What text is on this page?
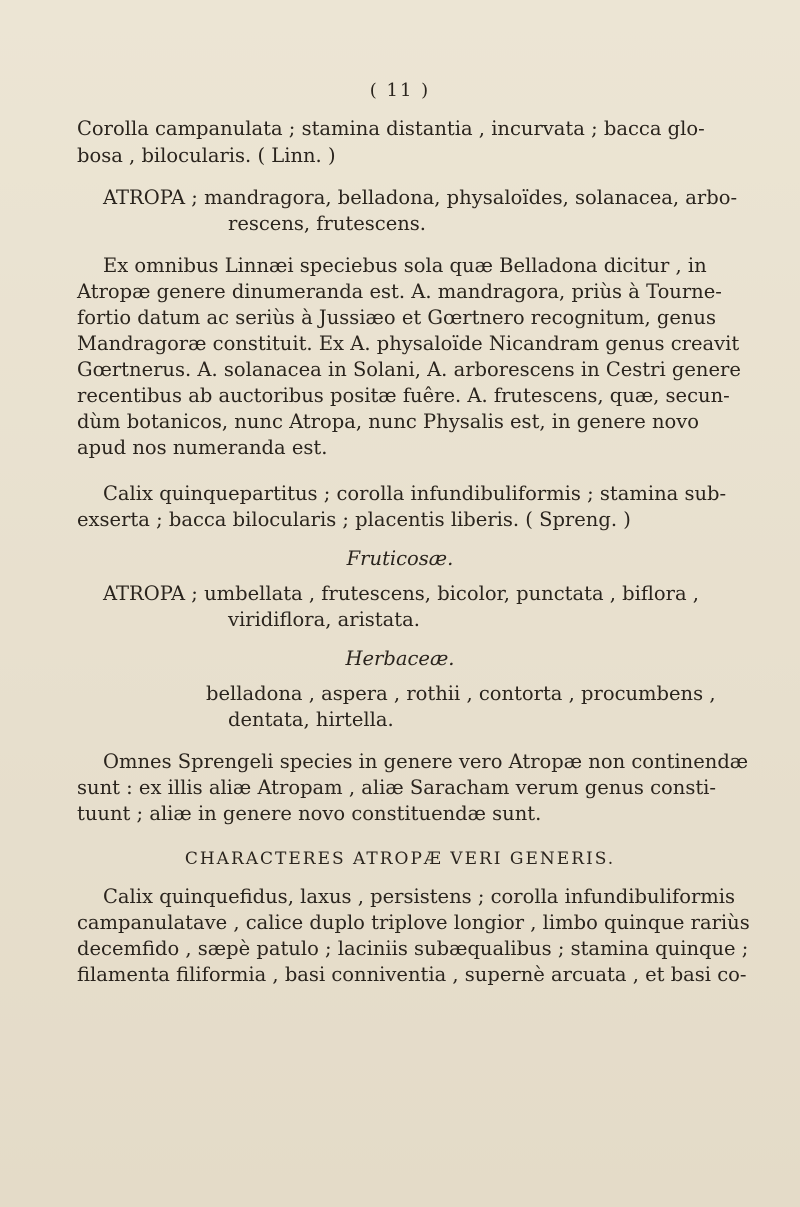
( 11 )
Corolla campanulata ; stamina distantia , incurvata ; bacca glo-
bosa , bilocularis. ( Linn. )
ATROPA ; mandragora, belladona, physaloïdes, solanacea, arbo-
rescens, frutescens.
Ex omnibus Linnæi speciebus sola quæ Belladona dicitur , in
Atropæ genere dinumeranda est. A. mandragora, priùs à Tourne-
fortio datum ac seriùs à Jussiæo et Gœrtnero recognitum, genus
Mandragoræ constituit. Ex A. physaloïde Nicandram genus creavit
Gœrtnerus. A. solanacea in Solani, A. arborescens in Cestri genere
recentibus ab auctoribus positæ fuêre. A. frutescens, quæ, secun-
dùm botanicos, nunc Atropa, nunc Physalis est, in genere novo
apud nos numeranda est.
Calix quinquepartitus ; corolla infundibuliformis ; stamina sub-
exserta ; bacca bilocularis ; placentis liberis. ( Spreng. )
Fruticosæ.
ATROPA ; umbellata , frutescens, bicolor, punctata , biflora ,
viridiflora, aristata.
Herbaceæ.
belladona , aspera , rothii , contorta , procumbens ,
dentata, hirtella.
Omnes Sprengeli species in genere vero Atropæ non continendæ
sunt : ex illis aliæ Atropam , aliæ Saracham verum genus consti-
tuunt ; aliæ in genere novo constituendæ sunt.
CHARACTERES ATROPÆ VERI GENERIS.
Calix quinquefidus, laxus , persistens ; corolla infundibuliformis
campanulatave , calice duplo triplove longior , limbo quinque rariùs
decemfido , sæpè patulo ; laciniis subæqualibus ; stamina quinque ;
filamenta filiformia , basi conniventia , supernè arcuata , et basi co-
